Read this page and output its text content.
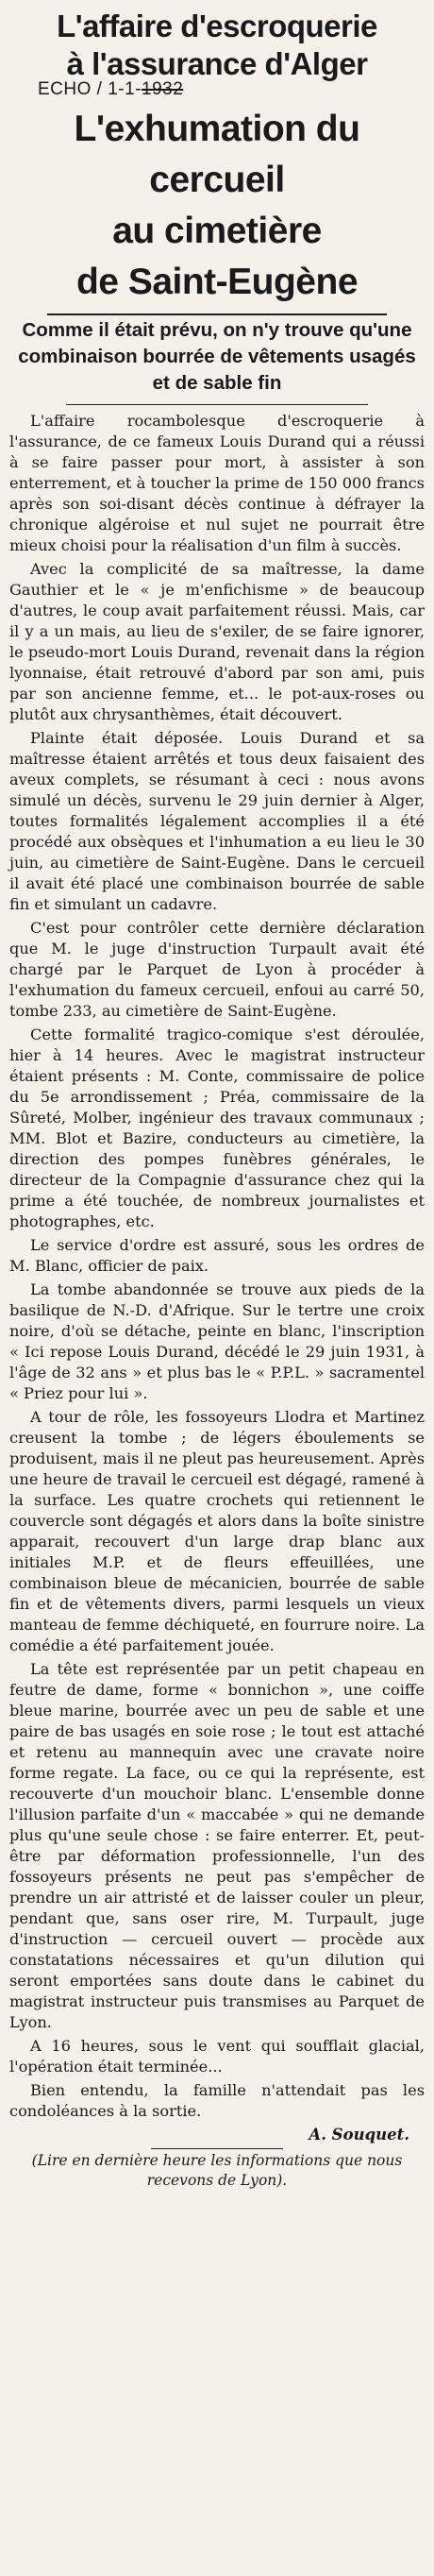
L'affaire d'escroquerie
à l'assurance d'Alger
L'exhumation du cercueil
au cimetière
de Saint-Eugène

Comme il était prévu, on n'y trouve qu'une combinaison bourrée de vêtements usagés et de sable fin

L'affaire rocambolesque d'escroquerie à l'assurance, de ce fameux Louis Durand qui a réussi à se faire passer pour mort, à assister à son enterrement, et à toucher la prime de 150 000 francs après son soi-disant décès continue à défrayer la chronique algéroise et nul sujet ne pourrait être mieux choisi pour la réalisation d'un film à succès.

Avec la complicité de sa maîtresse, la dame Gauthier et le « je m'enfichisme » de beaucoup d'autres, le coup avait parfaitement réussi. Mais, car il y a un mais, au lieu de s'exiler, de se faire ignorer, le pseudo-mort Louis Durand, revenait dans la région lyonnaise, était retrouvé d'abord par son ami, puis par son ancienne femme, et... le pot-aux-roses ou plutôt aux chrysanthèmes, était découvert.

Plainte était déposée. Louis Durand et sa maîtresse étaient arrêtés et tous deux faisaient des aveux complets, se résumant à ceci : nous avons simulé un décès, survenu le 29 juin dernier à Alger, toutes formalités légalement accomplies il a été procédé aux obsèques et l'inhumation a eu lieu le 30 juin, au cimetière de Saint-Eugène. Dans le cercueil il avait été placé une combinaison bourrée de sable fin et simulant un cadavre.

C'est pour contrôler cette dernière déclaration que M. le juge d'instruction Turpault avait été chargé par le Parquet de Lyon à procéder à l'exhumation du fameux cercueil, enfoui au carré 50, tombe 233, au cimetière de Saint-Eugène.

Cette formalité tragico-comique s'est déroulée, hier à 14 heures. Avec le magistrat instructeur étaient présents : M. Conte, commissaire de police du 5e arrondissement ; Préa, commissaire de la Sûreté, Molber, ingénieur des travaux communaux ; MM. Blot et Bazire, conducteurs au cimetière, la direction des pompes funèbres générales, le directeur de la Compagnie d'assurance chez qui la prime a été touchée, de nombreux journalistes et photographes, etc.

Le service d'ordre est assuré, sous les ordres de M. Blanc, officier de paix.

La tombe abandonnée se trouve aux pieds de la basilique de N.-D. d'Afrique. Sur le tertre une croix noire, d'où se détache, peinte en blanc, l'inscription « Ici repose Louis Durand, décédé le 29 juin 1931, à l'âge de 32 ans » et plus bas le « P.P.L. » sacramentel « Priez pour lui ».

A tour de rôle, les fossoyeurs Llodra et Martinez creusent la tombe ; de légers éboulements se produisent, mais il ne pleut pas heureusement. Après une heure de travail le cercueil est dégagé, ramené à la surface. Les quatre crochets qui retiennent le couvercle sont dégagés et alors dans la boîte sinistre apparait, recouvert d'un large drap blanc aux initiales M.P. et de fleurs effeuillées, une combinaison bleue de mécanicien, bourrée de sable fin et de vêtements divers, parmi lesquels un vieux manteau de femme déchiqueté, en fourrure noire. La comédie a été parfaitement jouée.

La tête est représentée par un petit chapeau en feutre de dame, forme « bonnichon », une coiffe bleue marine, bourrée avec un peu de sable et une paire de bas usagés en soie rose ; le tout est attaché et retenu au mannequin avec une cravate noire forme regate. La face, ou ce qui la représente, est recouverte d'un mouchoir blanc. L'ensemble donne l'illusion parfaite d'un « maccabée » qui ne demande plus qu'une seule chose : se faire enterrer. Et, peut-être par déformation professionnelle, l'un des fossoyeurs présents ne peut pas s'empêcher de prendre un air attristé et de laisser couler un pleur, pendant que, sans oser rire, M. Turpault, juge d'instruction — cercueil ouvert — procède aux constatations nécessaires et qu'un dilution qui seront emportées sans doute dans le cabinet du magistrat instructeur puis transmises au Parquet de Lyon.

A 16 heures, sous le vent qui soufflait glacial, l'opération était terminée...

Bien entendu, la famille n'attendait pas les condoléances à la sortie.

A. Souquet.

(Lire en dernière heure les informations que nous recevons de Lyon).

ECHO / 1-1-1932
